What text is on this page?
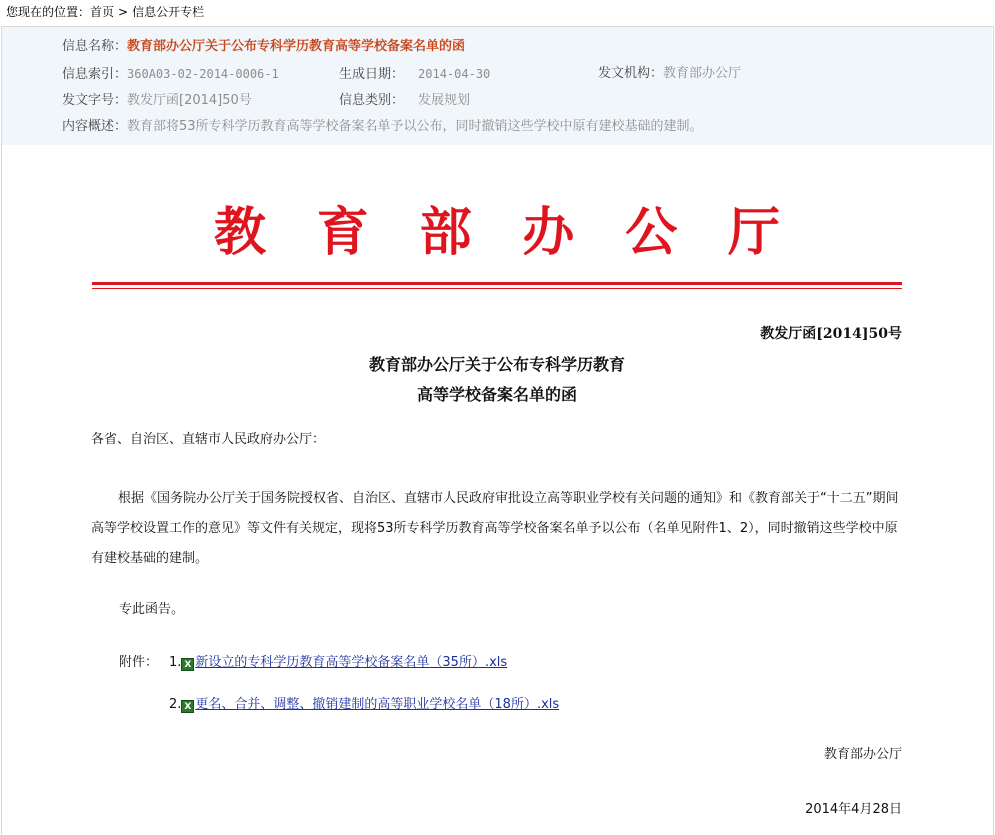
您现在的位置：首页 > 信息公开专栏
信息名称：教育部办公厅关于公布专科学历教育高等学校备案名单的函
信息索引：360A03-02-2014-0006-1	生成日期： 2014-04-30	发文机构：教育部办公厅
发文字号：教发厅函[2014]50号	信息类别： 发展规划
内容概述：教育部将53所专科学历教育高等学校备案名单予以公布，同时撤销这些学校中原有建校基础的建制。
教 育 部 办 公 厅
教发厅函[2014]50号
教育部办公厅关于公布专科学历教育
高等学校备案名单的函
各省、自治区、直辖市人民政府办公厅：
根据《国务院办公厅关于国务院授权省、自治区、直辖市人民政府审批设立高等职业学校有关问题的通知》和《教育部关于“十二五”期间高等学校设置工作的意见》等文件有关规定，现将53所专科学历教育高等学校备案名单予以公布（名单见附件1、2），同时撤销这些学校中原有建校基础的建制。
专此函告。
附件： 1. X 新设立的专科学历教育高等学校备案名单（35所）.xls
2. X 更名、合并、调整、撤销建制的高等职业学校名单（18所）.xls
教育部办公厅
2014年4月28日
